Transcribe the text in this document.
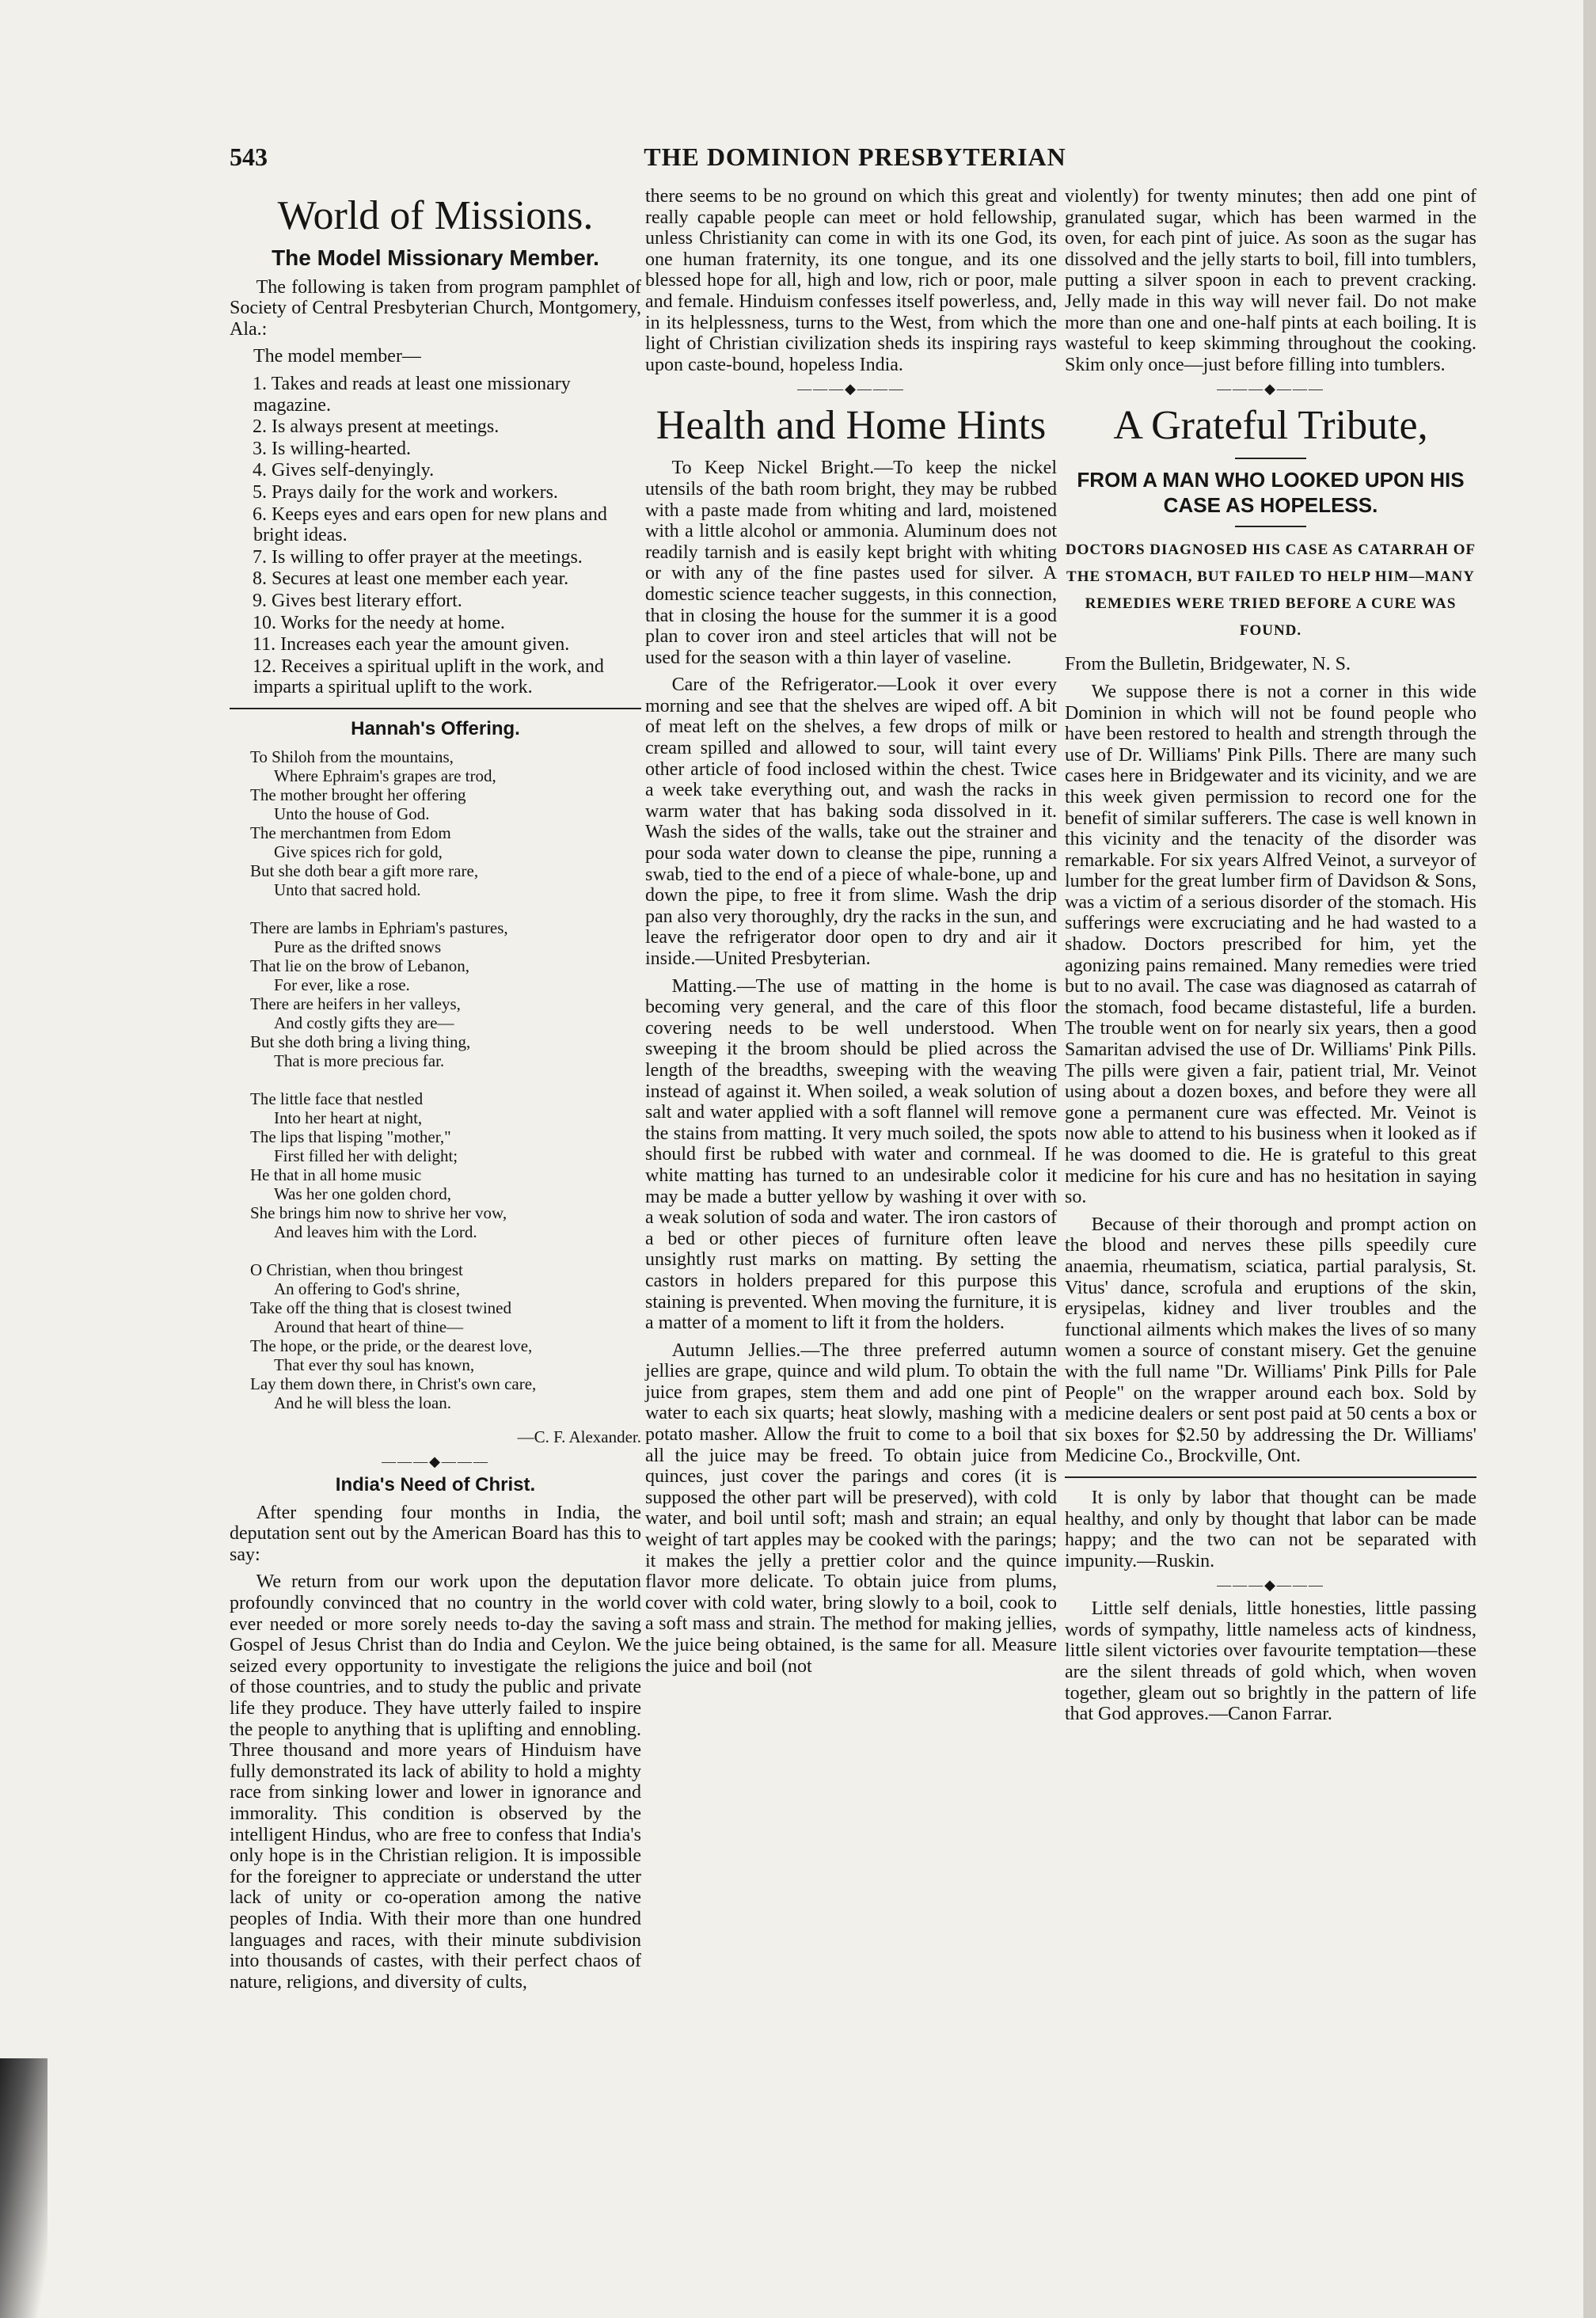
543	THE DOMINION PRESBYTERIAN
World of Missions.
The Model Missionary Member.

The following is taken from program pamphlet of Society of Central Presbyterian Church, Montgomery, Ala.:

The model member—

1. Takes and reads at least one missionary magazine.
2. Is always present at meetings.
3. Is willing-hearted.
4. Gives self-denyingly.
5. Prays daily for the work and workers.
6. Keeps eyes and ears open for new plans and bright ideas.
7. Is willing to offer prayer at the meetings.
8. Secures at least one member each year.
9. Gives best literary effort.
10. Works for the needy at home.
11. Increases each year the amount given.
12. Receives a spiritual uplift in the work, and imparts a spiritual uplift to the work.
Hannah's Offering.
To Shiloh from the mountains,
Where Ephraim's grapes are trod,
The mother brought her offering
Unto the house of God.
The merchantmen from Edom
Give spices rich for gold,
But she doth bear a gift more rare,
Unto that sacred hold.
There are lambs in Ephriam's pastures,
Pure as the drifted snows
That lie on the brow of Lebanon,
For ever, like a rose.
There are heifers in her valleys,
And costly gifts they are—
But she doth bring a living thing,
That is more precious far.
The little face that nestled
Into her heart at night,
The lips that lisping "mother,"
First filled her with delight;
He that in all home music
Was her one golden chord,
She brings him now to shrive her vow,
And leaves him with the Lord.
O Christian, when thou bringest
An offering to God's shrine,
Take off the thing that is closest twined
Around that heart of thine—
The hope, or the pride, or the dearest love,
That ever thy soul has known,
Lay them down there, in Christ's own care,
And he will bless the loan.
—C. F. Alexander.
———◆———
India's Need of Christ.

After spending four months in India, the deputation sent out by the American Board has this to say:

We return from our work upon the deputation profoundly convinced that no country in the world ever needed or more sorely needs to-day the saving Gospel of Jesus Christ than do India and Ceylon. We seized every opportunity to investigate the religions of those countries, and to study the public and private life they produce. They have utterly failed to inspire the people to anything that is uplifting and ennobling. Three thousand and more years of Hinduism have fully demonstrated its lack of ability to hold a mighty race from sinking lower and lower in ignorance and immorality. This condition is observed by the intelligent Hindus, who are free to confess that India's only hope is in the Christian religion. It is impossible for the foreigner to appreciate or understand the utter lack of unity or co-operation among the native peoples of India. With their more than one hundred languages and races, with their minute subdivision into thousands of castes, with their perfect chaos of nature, religions, and diversity of cults,

there seems to be no ground on which this great and really capable people can meet or hold fellowship, unless Christianity can come in with its one God, its one human fraternity, its one tongue, and its one blessed hope for all, high and low, rich or poor, male and female. Hinduism confesses itself powerless, and, in its helplessness, turns to the West, from which the light of Christian civilization sheds its inspiring rays upon caste-bound, hopeless India.

———◆———
Health and Home Hints

To Keep Nickel Bright.—To keep the nickel utensils of the bath room bright, they may be rubbed with a paste made from whiting and lard, moistened with a little alcohol or ammonia. Aluminum does not readily tarnish and is easily kept bright with whiting or with any of the fine pastes used for silver. A domestic science teacher suggests, in this connection, that in closing the house for the summer it is a good plan to cover iron and steel articles that will not be used for the season with a thin layer of vaseline.

Care of the Refrigerator.—Look it over every morning and see that the shelves are wiped off. A bit of meat left on the shelves, a few drops of milk or cream spilled and allowed to sour, will taint every other article of food inclosed within the chest. Twice a week take everything out, and wash the racks in warm water that has baking soda dissolved in it. Wash the sides of the walls, take out the strainer and pour soda water down to cleanse the pipe, running a swab, tied to the end of a piece of whale-bone, up and down the pipe, to free it from slime. Wash the drip pan also very thoroughly, dry the racks in the sun, and leave the refrigerator door open to dry and air it inside.—United Presbyterian.

Matting.—The use of matting in the home is becoming very general, and the care of this floor covering needs to be well understood. When sweeping it the broom should be plied across the length of the breadths, sweeping with the weaving instead of against it. When soiled, a weak solution of salt and water applied with a soft flannel will remove the stains from matting. It very much soiled, the spots should first be rubbed with water and cornmeal. If white matting has turned to an undesirable color it may be made a butter yellow by washing it over with a weak solution of soda and water. The iron castors of a bed or other pieces of furniture often leave unsightly rust marks on matting. By setting the castors in holders prepared for this purpose this staining is prevented. When moving the furniture, it is a matter of a moment to lift it from the holders.

Autumn Jellies.—The three preferred autumn jellies are grape, quince and wild plum. To obtain the juice from grapes, stem them and add one pint of water to each six quarts; heat slowly, mashing with a potato masher. Allow the fruit to come to a boil that all the juice may be freed. To obtain juice from quinces, just cover the parings and cores (it is supposed the other part will be preserved), with cold water, and boil until soft; mash and strain; an equal weight of tart apples may be cooked with the parings; it makes the jelly a prettier color and the quince flavor more delicate. To obtain juice from plums, cover with cold water, bring slowly to a boil, cook to a soft mass and strain. The method for making jellies, the juice being obtained, is the same for all. Measure the juice and boil (not

violently) for twenty minutes; then add one pint of granulated sugar, which has been warmed in the oven, for each pint of juice. As soon as the sugar has dissolved and the jelly starts to boil, fill into tumblers, putting a silver spoon in each to prevent cracking. Jelly made in this way will never fail. Do not make more than one and one-half pints at each boiling. It is wasteful to keep skimming throughout the cooking. Skim only once—just before filling into tumblers.

———◆———
A Grateful Tribute,
FROM A MAN WHO LOOKED UPON HIS CASE AS HOPELESS.
DOCTORS DIAGNOSED HIS CASE AS CATARRAH OF THE STOMACH, BUT FAILED TO HELP HIM—MANY REMEDIES WERE TRIED BEFORE A CURE WAS FOUND.

From the Bulletin, Bridgewater, N. S.

We suppose there is not a corner in this wide Dominion in which will not be found people who have been restored to health and strength through the use of Dr. Williams' Pink Pills. There are many such cases here in Bridgewater and its vicinity, and we are this week given permission to record one for the benefit of similar sufferers. The case is well known in this vicinity and the tenacity of the disorder was remarkable. For six years Alfred Veinot, a surveyor of lumber for the great lumber firm of Davidson & Sons, was a victim of a serious disorder of the stomach. His sufferings were excruciating and he had wasted to a shadow. Doctors prescribed for him, yet the agonizing pains remained. Many remedies were tried but to no avail. The case was diagnosed as catarrah of the stomach, food became distasteful, life a burden. The trouble went on for nearly six years, then a good Samaritan advised the use of Dr. Williams' Pink Pills. The pills were given a fair, patient trial, Mr. Veinot using about a dozen boxes, and before they were all gone a permanent cure was effected. Mr. Veinot is now able to attend to his business when it looked as if he was doomed to die. He is grateful to this great medicine for his cure and has no hesitation in saying so.

Because of their thorough and prompt action on the blood and nerves these pills speedily cure anaemia, rheumatism, sciatica, partial paralysis, St. Vitus' dance, scrofula and eruptions of the skin, erysipelas, kidney and liver troubles and the functional ailments which makes the lives of so many women a source of constant misery. Get the genuine with the full name "Dr. Williams' Pink Pills for Pale People" on the wrapper around each box. Sold by medicine dealers or sent post paid at 50 cents a box or six boxes for $2.50 by addressing the Dr. Williams' Medicine Co., Brockville, Ont.

It is only by labor that thought can be made healthy, and only by thought that labor can be made happy; and the two can not be separated with impunity.—Ruskin.

———◆———

Little self denials, little honesties, little passing words of sympathy, little nameless acts of kindness, little silent victories over favourite temptation—these are the silent threads of gold which, when woven together, gleam out so brightly in the pattern of life that God approves.—Canon Farrar.
